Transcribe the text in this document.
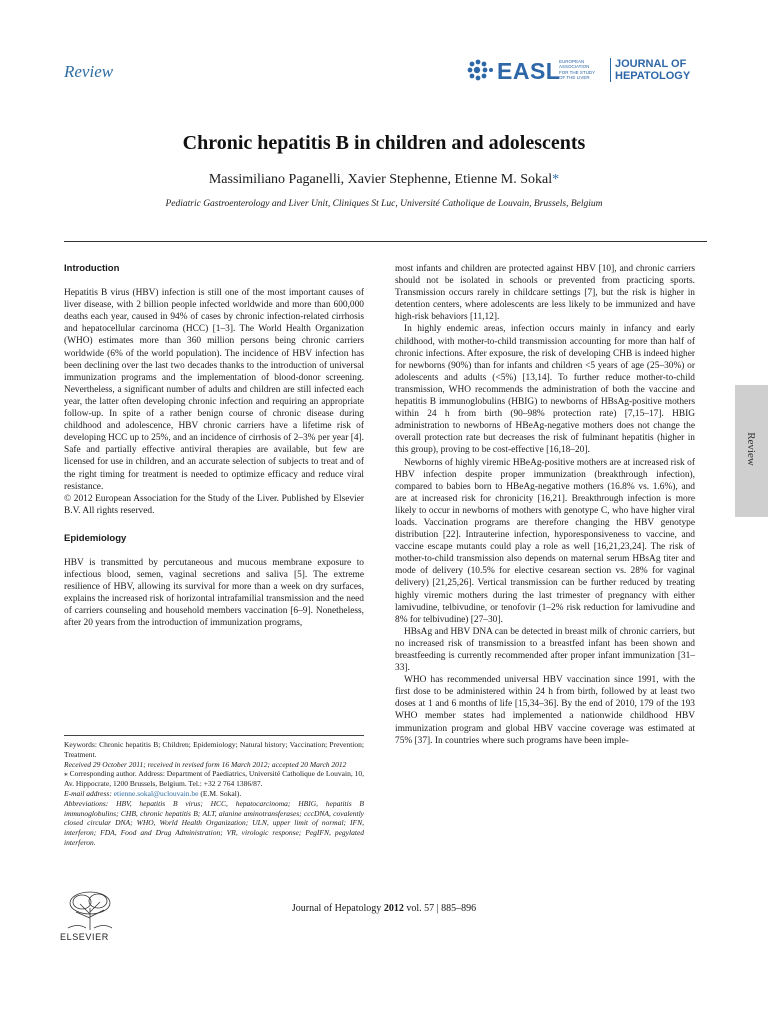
Review	EASL
EUROPEAN
ASSOCIATION
FOR THE STUDY
OF THE LIVER
JOURNAL OF
HEPATOLOGY
Chronic hepatitis B in children and adolescents
Massimiliano Paganelli, Xavier Stephenne, Etienne M. Sokal*
Pediatric Gastroenterology and Liver Unit, Cliniques St Luc, Université Catholique de Louvain, Brussels, Belgium
Introduction

Hepatitis B virus (HBV) infection is still one of the most important causes of liver disease, with 2 billion people infected worldwide and more than 600,000 deaths each year, caused in 94% of cases by chronic infection-related cirrhosis and hepatocellular carcinoma (HCC) [1–3]. The World Health Organization (WHO) estimates more than 360 million persons being chronic carriers worldwide (6% of the world population). The incidence of HBV infection has been declining over the last two decades thanks to the introduction of universal immunization programs and the implementation of blood-donor screening. Nevertheless, a significant number of adults and children are still infected each year, the latter often developing chronic infection and requiring an appropriate follow-up. In spite of a rather benign course of chronic disease during childhood and adolescence, HBV chronic carriers have a lifetime risk of developing HCC up to 25%, and an incidence of cirrhosis of 2–3% per year [4]. Safe and partially effective antiviral therapies are available, but few are licensed for use in children, and an accurate selection of subjects to treat and of the right timing for treatment is needed to optimize efficacy and reduce viral resistance.

© 2012 European Association for the Study of the Liver. Published by Elsevier B.V. All rights reserved.

Epidemiology

HBV is transmitted by percutaneous and mucous membrane exposure to infectious blood, semen, vaginal secretions and saliva [5]. The extreme resilience of HBV, allowing its survival for more than a week on dry surfaces, explains the increased risk of horizontal intrafamilial transmission and the need of carriers counseling and household members vaccination [6–9]. Nonetheless, after 20 years from the introduction of immunization programs,

Keywords: Chronic hepatitis B; Children; Epidemiology; Natural history; Vaccination; Prevention; Treatment.

Received 29 October 2011; received in revised form 16 March 2012; accepted 20 March 2012

⁎ Corresponding author. Address: Department of Paediatrics, Université Catholique de Louvain, 10, Av. Hippocrate, 1200 Brussels, Belgium. Tel.: +32 2 764 1386/87.

E-mail address: etienne.sokal@uclouvain.be (E.M. Sokal).

Abbreviations: HBV, hepatitis B virus; HCC, hepatocarcinoma; HBIG, hepatitis B immunoglobulins; CHB, chronic hepatitis B; ALT, alanine aminotransferases; cccDNA, covalently closed circular DNA; WHO, World Health Organization; ULN, upper limit of normal; IFN, interferon; FDA, Food and Drug Administration; VR, virologic response; PegIFN, pegylated interferon.

most infants and children are protected against HBV [10], and chronic carriers should not be isolated in schools or prevented from practicing sports. Transmission occurs rarely in childcare settings [7], but the risk is higher in detention centers, where adolescents are less likely to be immunized and have high-risk behaviors [11,12].

In highly endemic areas, infection occurs mainly in infancy and early childhood, with mother-to-child transmission accounting for more than half of chronic infections. After exposure, the risk of developing CHB is indeed higher for newborns (90%) than for infants and children <5 years of age (25–30%) or adolescents and adults (<5%) [13,14]. To further reduce mother-to-child transmission, WHO recommends the administration of both the vaccine and hepatitis B immunoglobulins (HBIG) to newborns of HBsAg-positive mothers within 24 h from birth (90–98% protection rate) [7,15–17]. HBIG administration to newborns of HBeAg-negative mothers does not change the overall protection rate but decreases the risk of fulminant hepatitis (higher in this group), proving to be cost-effective [16,18–20].

Newborns of highly viremic HBeAg-positive mothers are at increased risk of HBV infection despite proper immunization (breakthrough infection), compared to babies born to HBeAg-negative mothers (16.8% vs. 1.6%), and are at increased risk for chronicity [16,21]. Breakthrough infection is more likely to occur in newborns of mothers with genotype C, who have higher viral loads. Vaccination programs are therefore changing the HBV genotype distribution [22]. Intrauterine infection, hyporesponsiveness to vaccine, and vaccine escape mutants could play a role as well [16,21,23,24]. The risk of mother-to-child transmission also depends on maternal serum HBsAg titer and mode of delivery (10.5% for elective cesarean section vs. 28% for vaginal delivery) [21,25,26]. Vertical transmission can be further reduced by treating highly viremic mothers during the last trimester of pregnancy with either lamivudine, telbivudine, or tenofovir (1–2% risk reduction for lamivudine and 8% for telbivudine) [27–30].

HBsAg and HBV DNA can be detected in breast milk of chronic carriers, but no increased risk of transmission to a breastfed infant has been shown and breastfeeding is currently recommended after proper infant immunization [31–33].

WHO has recommended universal HBV vaccination since 1991, with the first dose to be administered within 24 h from birth, followed by at least two doses at 1 and 6 months of life [15,34–36]. By the end of 2010, 179 of the 193 WHO member states had implemented a nationwide childhood HBV immunization program and global HBV vaccine coverage was estimated at 75% [37]. In countries where such programs have been imple-

Review
ELSEVIER
Journal of Hepatology 2012 vol. 57 | 885–896
